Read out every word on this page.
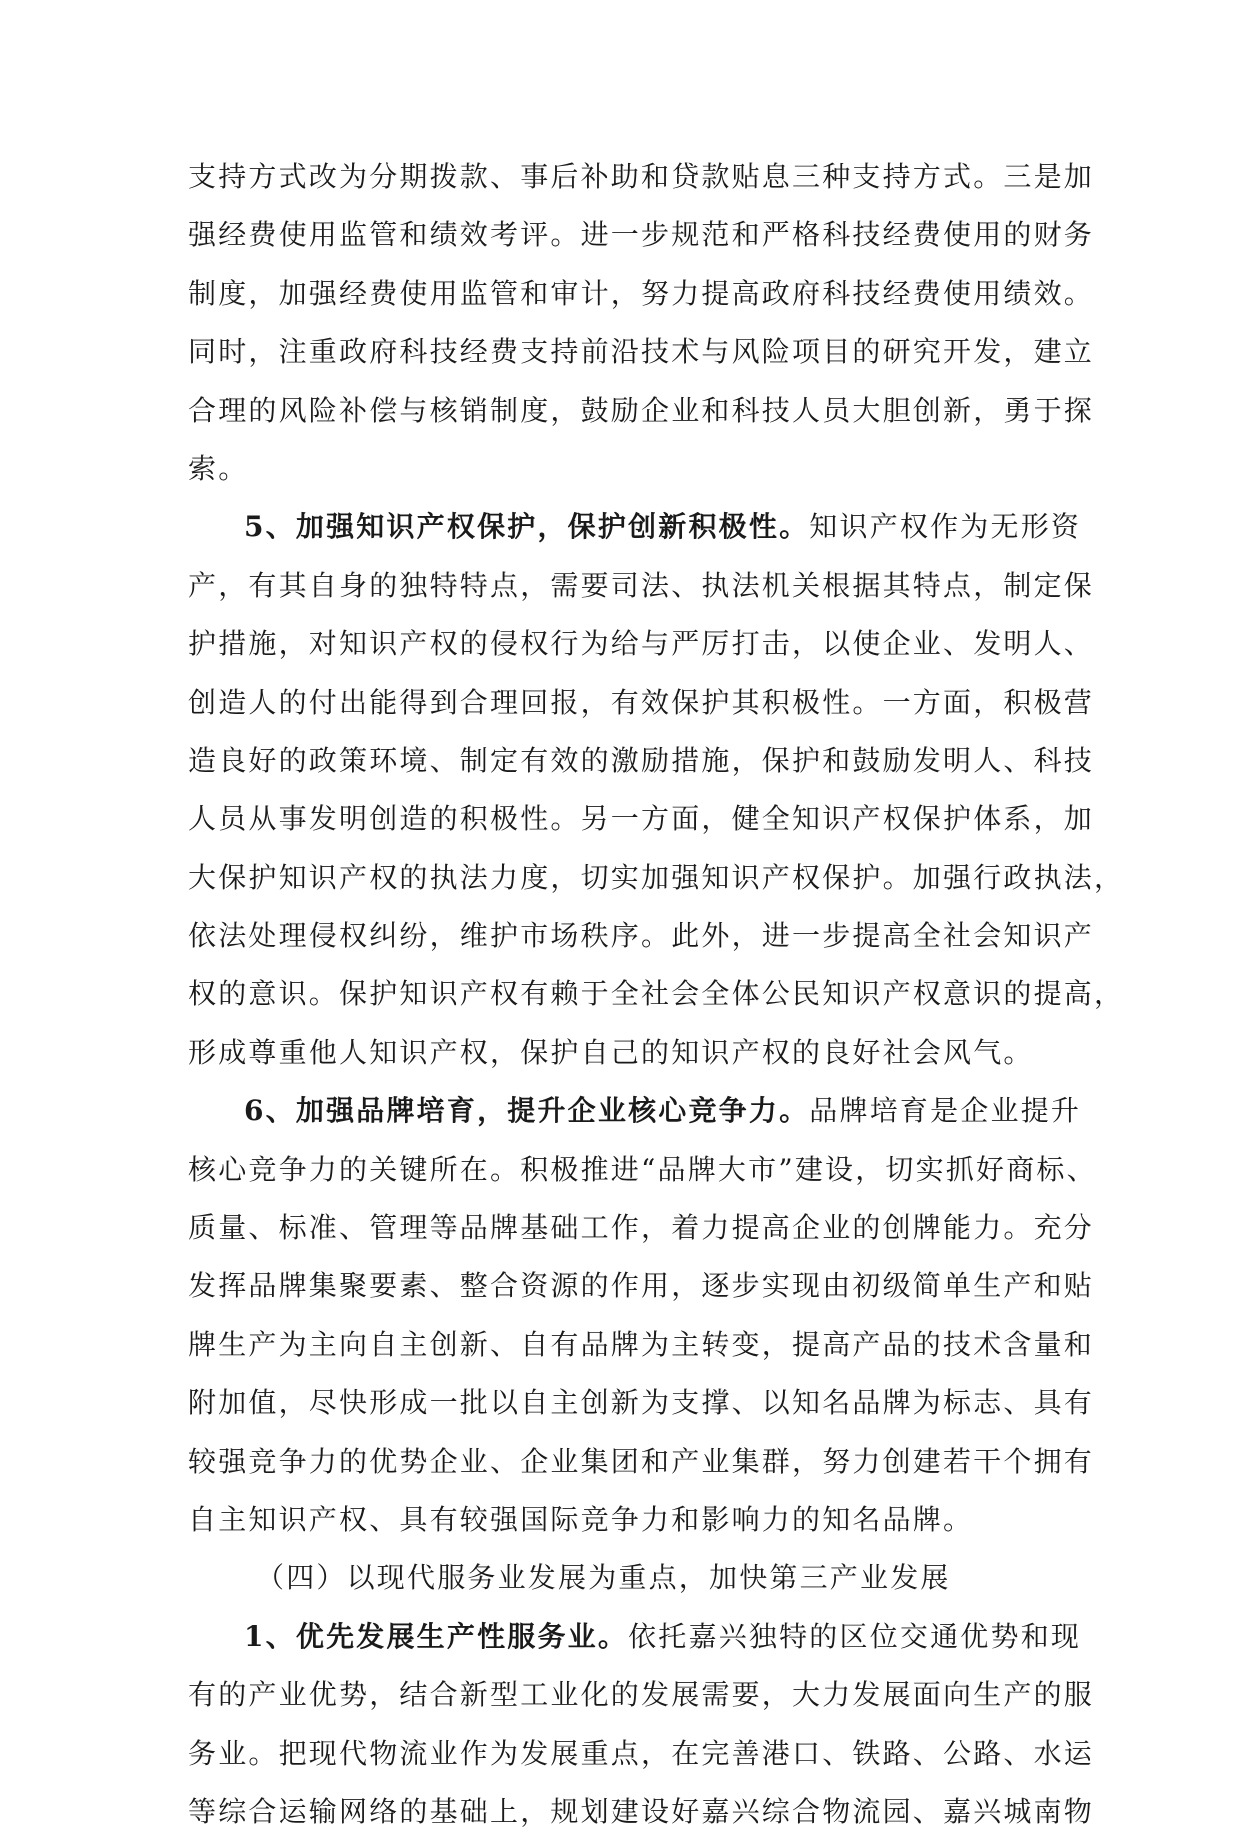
支持方式改为分期拨款、事后补助和贷款贴息三种支持方式。三是加
强经费使用监管和绩效考评。进一步规范和严格科技经费使用的财务
制度，加强经费使用监管和审计，努力提高政府科技经费使用绩效。
同时，注重政府科技经费支持前沿技术与风险项目的研究开发，建立
合理的风险补偿与核销制度，鼓励企业和科技人员大胆创新，勇于探
索。
5、加强知识产权保护，保护创新积极性。知识产权作为无形资
产，有其自身的独特特点，需要司法、执法机关根据其特点，制定保
护措施，对知识产权的侵权行为给与严厉打击，以使企业、发明人、
创造人的付出能得到合理回报，有效保护其积极性。一方面，积极营
造良好的政策环境、制定有效的激励措施，保护和鼓励发明人、科技
人员从事发明创造的积极性。另一方面，健全知识产权保护体系，加
大保护知识产权的执法力度，切实加强知识产权保护。加强行政执法，
依法处理侵权纠纷，维护市场秩序。此外，进一步提高全社会知识产
权的意识。保护知识产权有赖于全社会全体公民知识产权意识的提高，
形成尊重他人知识产权，保护自己的知识产权的良好社会风气。
6、加强品牌培育，提升企业核心竞争力。品牌培育是企业提升
核心竞争力的关键所在。积极推进“品牌大市”建设，切实抓好商标、
质量、标准、管理等品牌基础工作，着力提高企业的创牌能力。充分
发挥品牌集聚要素、整合资源的作用，逐步实现由初级简单生产和贴
牌生产为主向自主创新、自有品牌为主转变，提高产品的技术含量和
附加值，尽快形成一批以自主创新为支撑、以知名品牌为标志、具有
较强竞争力的优势企业、企业集团和产业集群，努力创建若干个拥有
自主知识产权、具有较强国际竞争力和影响力的知名品牌。
（四）以现代服务业发展为重点，加快第三产业发展
1、优先发展生产性服务业。依托嘉兴独特的区位交通优势和现
有的产业优势，结合新型工业化的发展需要，大力发展面向生产的服
务业。把现代物流业作为发展重点，在完善港口、铁路、公路、水运
等综合运输网络的基础上，规划建设好嘉兴综合物流园、嘉兴城南物
